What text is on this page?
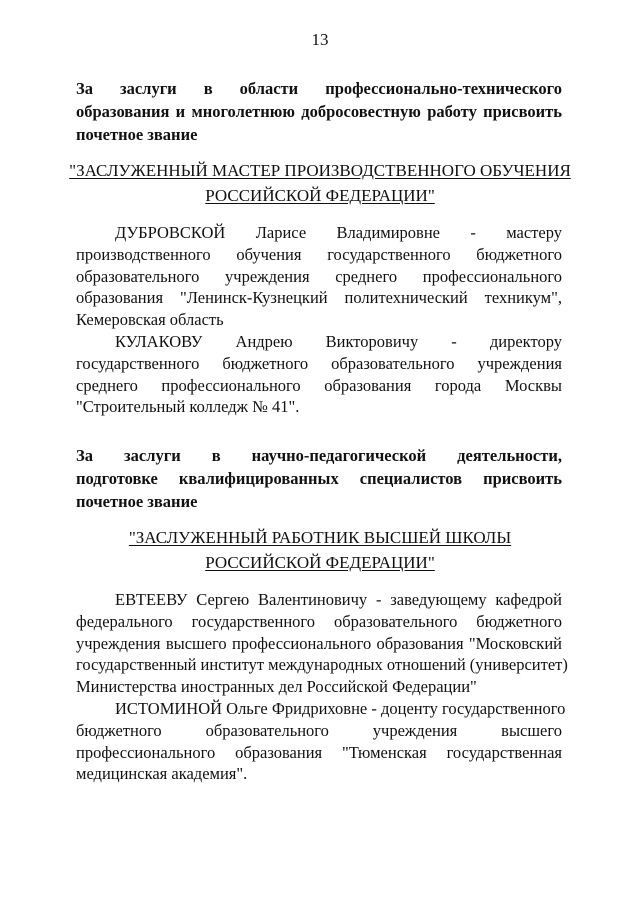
13

За заслуги в области профессионально-технического

образования и многолетнюю добросовестную работу присвоить

почетное звание

"ЗАСЛУЖЕННЫЙ МАСТЕР ПРОИЗВОДСТВЕННОГО ОБУЧЕНИЯ
РОССИЙСКОЙ ФЕДЕРАЦИИ"
ДУБРОВСКОЙ Ларисе Владимировне - мастеру
производственного обучения государственного бюджетного
образовательного учреждения среднего профессионального
образования "Ленинск-Кузнецкий политехнический техникум",
Кемеровская область
КУЛАКОВУ Андрею Викторовичу - директору
государственного бюджетного образовательного учреждения
среднего профессионального образования города Москвы
"Строительный колледж № 41".

За заслуги в научно-педагогической деятельности,

подготовке квалифицированных специалистов присвоить

почетное звание

"ЗАСЛУЖЕННЫЙ РАБОТНИК ВЫСШЕЙ ШКОЛЫ
РОССИЙСКОЙ ФЕДЕРАЦИИ"
ЕВТЕЕВУ Сергею Валентиновичу - заведующему кафедрой
федерального государственного образовательного бюджетного
учреждения высшего профессионального образования "Московский
государственный институт международных отношений (университет)
Министерства иностранных дел Российской Федерации"
ИСТОМИНОЙ Ольге Фридриховне - доценту государственного
бюджетного образовательного учреждения высшего
профессионального образования "Тюменская государственная
медицинская академия".
